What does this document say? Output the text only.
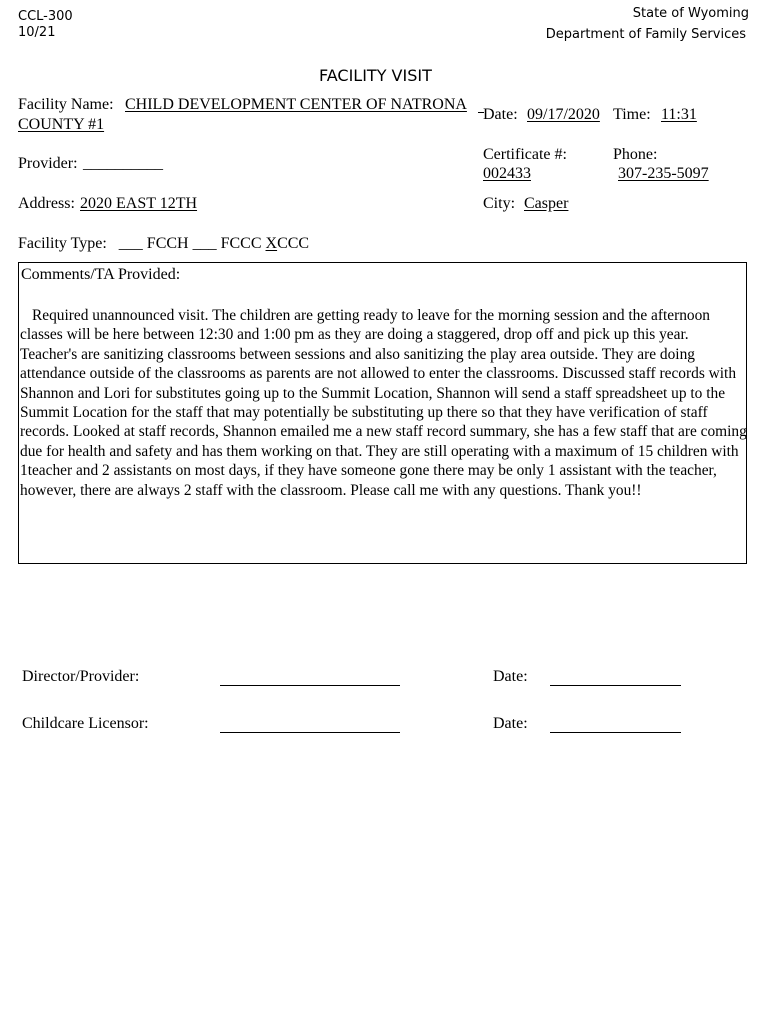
CCL-300
10/21
State of Wyoming
Department of Family Services
FACILITY VISIT
Facility Name: CHILD DEVELOPMENT CENTER OF NATRONA
COUNTY #1
Date: 09/17/2020 Time: 11:31
Provider: __________
Certificate #:
002433
Phone:
307-235-5097
Address: 2020 EAST 12TH	City: Casper
Facility Type: ___ FCCH ___ FCCC XCCC
Comments/TA Provided:
Required unannounced visit. The children are getting ready to leave for the morning session and the afternoon classes will be here between 12:30 and 1:00 pm as they are doing a staggered, drop off and pick up this year. Teacher's are sanitizing classrooms between sessions and also sanitizing the play area outside. They are doing attendance outside of the classrooms as parents are not allowed to enter the classrooms. Discussed staff records with Shannon and Lori for substitutes going up to the Summit Location, Shannon will send a staff spreadsheet up to the Summit Location for the staff that may potentially be substituting up there so that they have verification of staff records. Looked at staff records, Shannon emailed me a new staff record summary, she has a few staff that are coming due for health and safety and has them working on that. They are still operating with a maximum of 15 children with 1teacher and 2 assistants on most days, if they have someone gone there may be only 1 assistant with the teacher, however, there are always 2 staff with the classroom. Please call me with any questions. Thank you!!
Director/Provider:	Date:
Childcare Licensor:	Date:
